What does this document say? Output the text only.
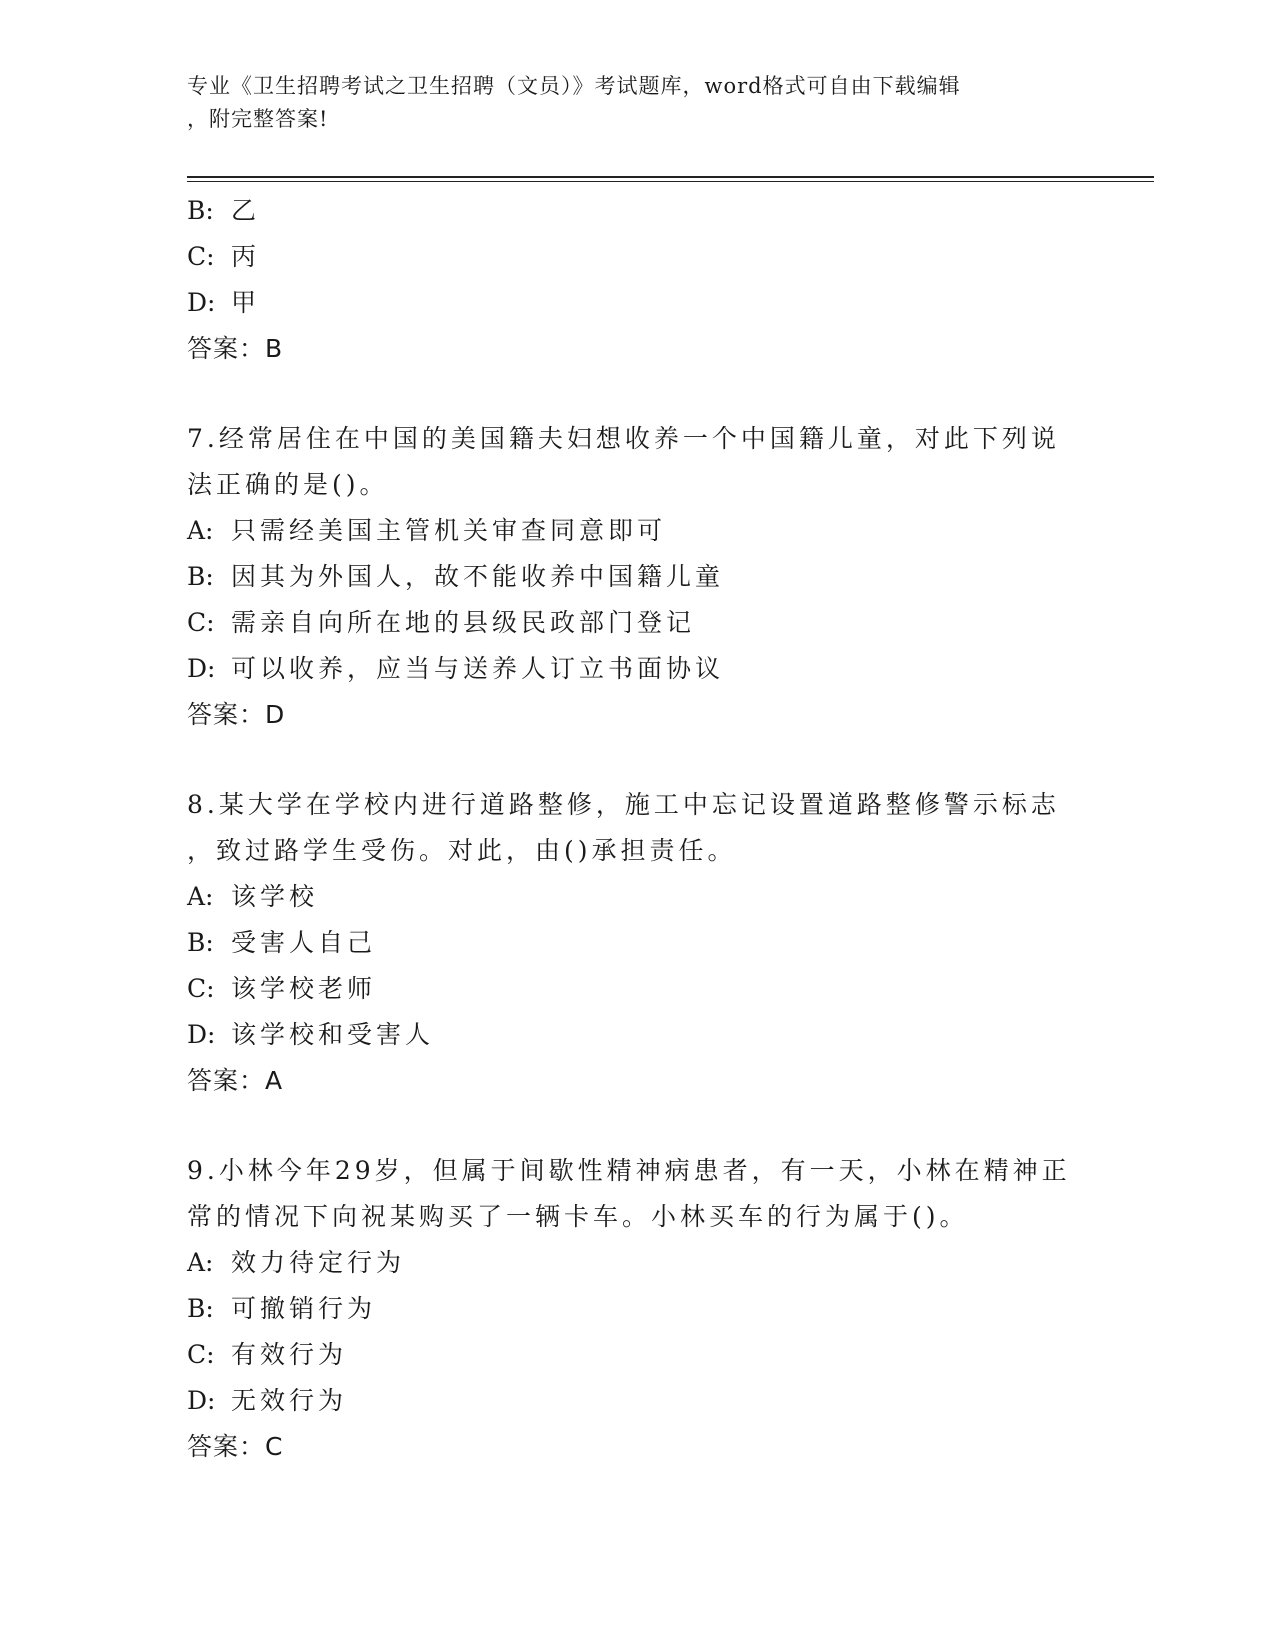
专业《卫生招聘考试之卫生招聘（文员）》考试题库，word格式可自由下载编辑
，附完整答案!
B: 乙
C: 丙
D: 甲
答案：B
7.经常居住在中国的美国籍夫妇想收养一个中国籍儿童，对此下列说
法正确的是()。
A: 只需经美国主管机关审查同意即可
B: 因其为外国人，故不能收养中国籍儿童
C: 需亲自向所在地的县级民政部门登记
D: 可以收养，应当与送养人订立书面协议
答案：D
8.某大学在学校内进行道路整修，施工中忘记设置道路整修警示标志
，致过路学生受伤。对此，由()承担责任。
A: 该学校
B: 受害人自己
C: 该学校老师
D: 该学校和受害人
答案：A
9.小林今年29岁，但属于间歇性精神病患者，有一天，小林在精神正
常的情况下向祝某购买了一辆卡车。小林买车的行为属于()。
A: 效力待定行为
B: 可撤销行为
C: 有效行为
D: 无效行为
答案：C
